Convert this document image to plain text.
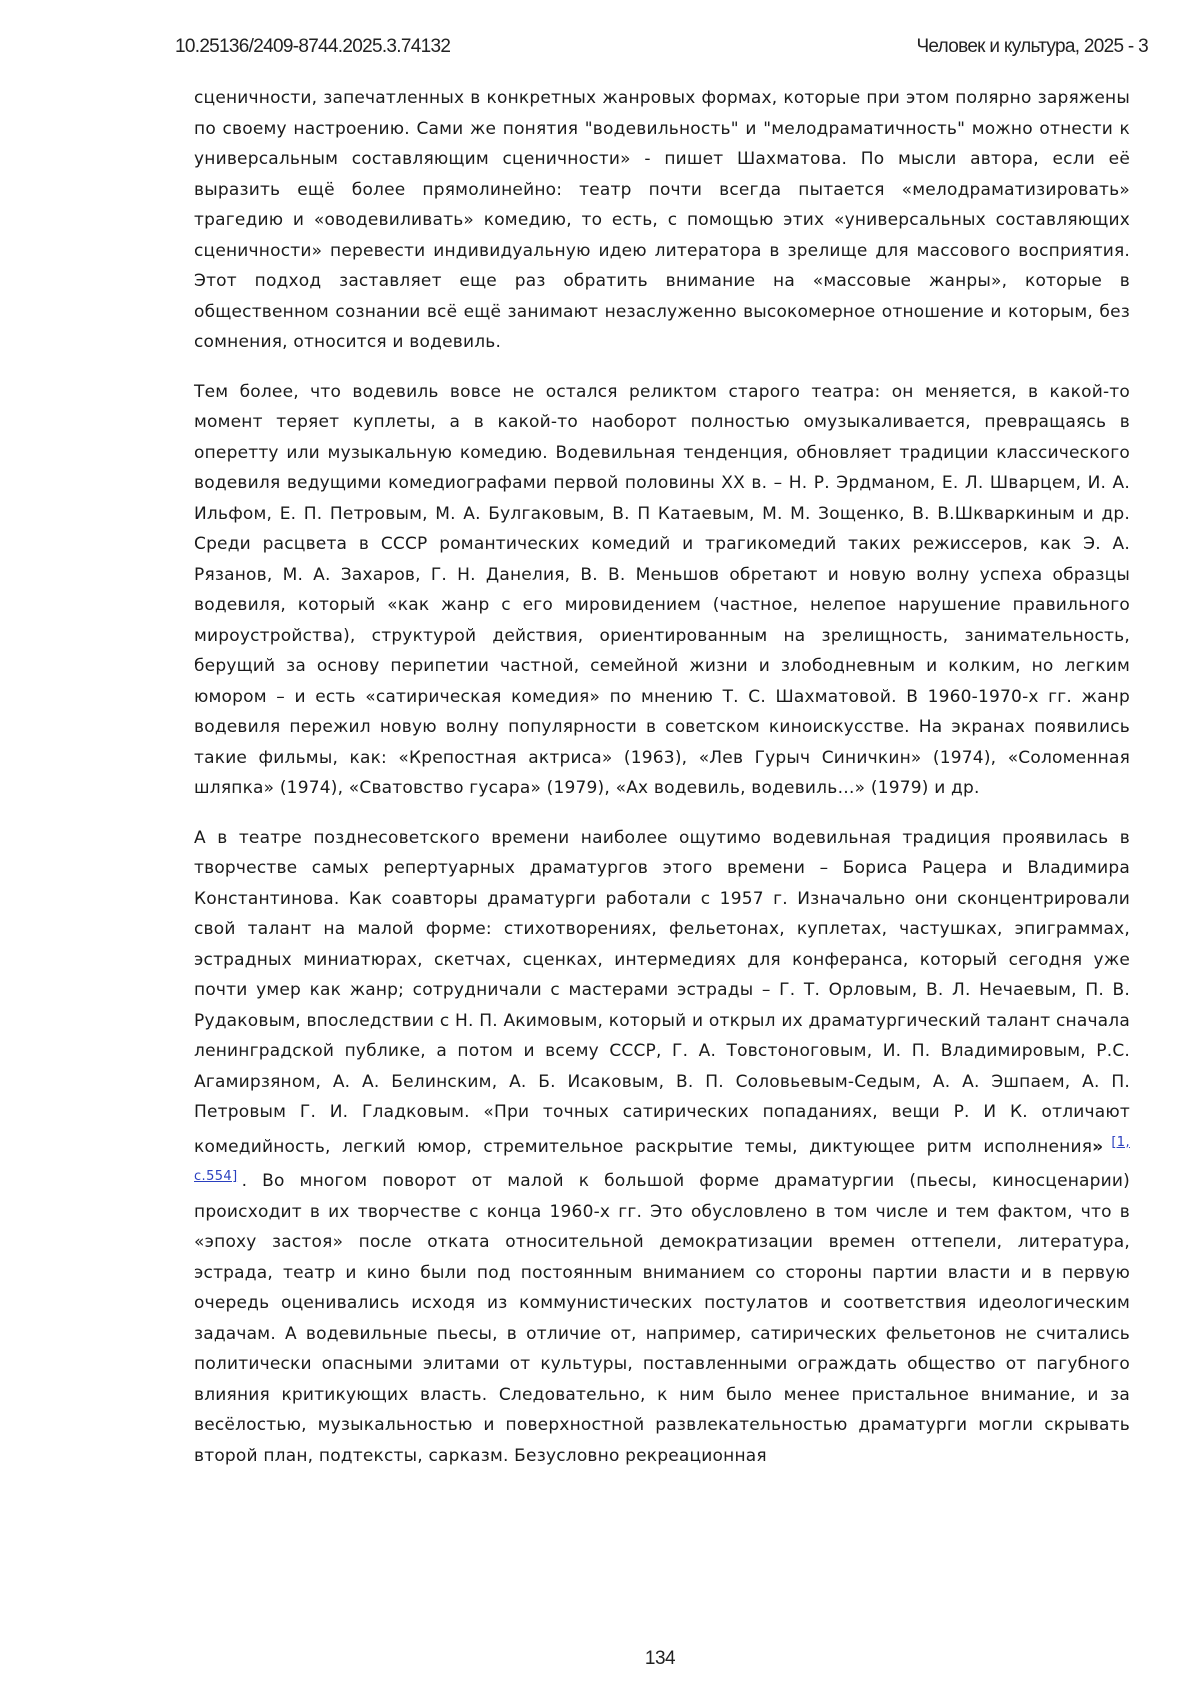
10.25136/2409-8744.2025.3.74132	Человек и культура, 2025 - 3

сценичности, запечатленных в конкретных жанровых формах, которые при этом полярно заряжены по своему настроению. Сами же понятия "водевильность" и "мелодраматичность" можно отнести к универсальным составляющим сценичности» - пишет Шахматова. По мысли автора, если её выразить ещё более прямолинейно: театр почти всегда пытается «мелодраматизировать» трагедию и «оводевиливать» комедию, то есть, с помощью этих «универсальных составляющих сценичности» перевести индивидуальную идею литератора в зрелище для массового восприятия. Этот подход заставляет еще раз обратить внимание на «массовые жанры», которые в общественном сознании всё ещё занимают незаслуженно высокомерное отношение и которым, без сомнения, относится и водевиль.

Тем более, что водевиль вовсе не остался реликтом старого театра: он меняется, в какой-то момент теряет куплеты, а в какой-то наоборот полностью омузыкаливается, превращаясь в оперетту или музыкальную комедию. Водевильная тенденция, обновляет традиции классического водевиля ведущими комедиографами первой половины XX в. – Н. Р. Эрдманом, Е. Л. Шварцем, И. А. Ильфом, Е. П. Петровым, М. А. Булгаковым, В. П Катаевым, М. М. Зощенко, В. В.Шкваркиным и др. Среди расцвета в СССР романтических комедий и трагикомедий таких режиссеров, как Э. А. Рязанов, М. А. Захаров, Г. Н. Данелия, В. В. Меньшов обретают и новую волну успеха образцы водевиля, который «как жанр с его мировидением (частное, нелепое нарушение правильного мироустройства), структурой действия, ориентированным на зрелищность, занимательность, берущий за основу перипетии частной, семейной жизни и злободневным и колким, но легким юмором – и есть «сатирическая комедия» по мнению Т. С. Шахматовой. В 1960-1970-х гг. жанр водевиля пережил новую волну популярности в советском киноискусстве. На экранах появились такие фильмы, как: «Крепостная актриса» (1963), «Лев Гурыч Синичкин» (1974), «Соломенная шляпка» (1974), «Сватовство гусара» (1979), «Ах водевиль, водевиль…» (1979) и др.

А в театре позднесоветского времени наиболее ощутимо водевильная традиция проявилась в творчестве самых репертуарных драматургов этого времени – Бориса Рацера и Владимира Константинова. Как соавторы драматурги работали с 1957 г. Изначально они сконцентрировали свой талант на малой форме: стихотворениях, фельетонах, куплетах, частушках, эпиграммах, эстрадных миниатюрах, скетчах, сценках, интермедиях для конферанса, который сегодня уже почти умер как жанр; сотрудничали с мастерами эстрады – Г. Т. Орловым, В. Л. Нечаевым, П. В. Рудаковым, впоследствии с Н. П. Акимовым, который и открыл их драматургический талант сначала ленинградской публике, а потом и всему СССР, Г. А. Товстоноговым, И. П. Владимировым, Р.С. Агамирзяном, А. А. Белинским, А. Б. Исаковым, В. П. Соловьевым-Седым, А. А. Эшпаем, А. П. Петровым Г. И. Гладковым. «При точных сатирических попаданиях, вещи Р. И К. отличают комедийность, легкий юмор, стремительное раскрытие темы, диктующее ритм исполнения» [1, с.554] . Во многом поворот от малой к большой форме драматургии (пьесы, киносценарии) происходит в их творчестве с конца 1960-х гг. Это обусловлено в том числе и тем фактом, что в «эпоху застоя» после отката относительной демократизации времен оттепели, литература, эстрада, театр и кино были под постоянным вниманием со стороны партии власти и в первую очередь оценивались исходя из коммунистических постулатов и соответствия идеологическим задачам. А водевильные пьесы, в отличие от, например, сатирических фельетонов не считались политически опасными элитами от культуры, поставленными ограждать общество от пагубного влияния критикующих власть. Следовательно, к ним было менее пристальное внимание, и за весёлостью, музыкальностью и поверхностной развлекательностью драматурги могли скрывать второй план, подтексты, сарказм. Безусловно рекреационная

134
